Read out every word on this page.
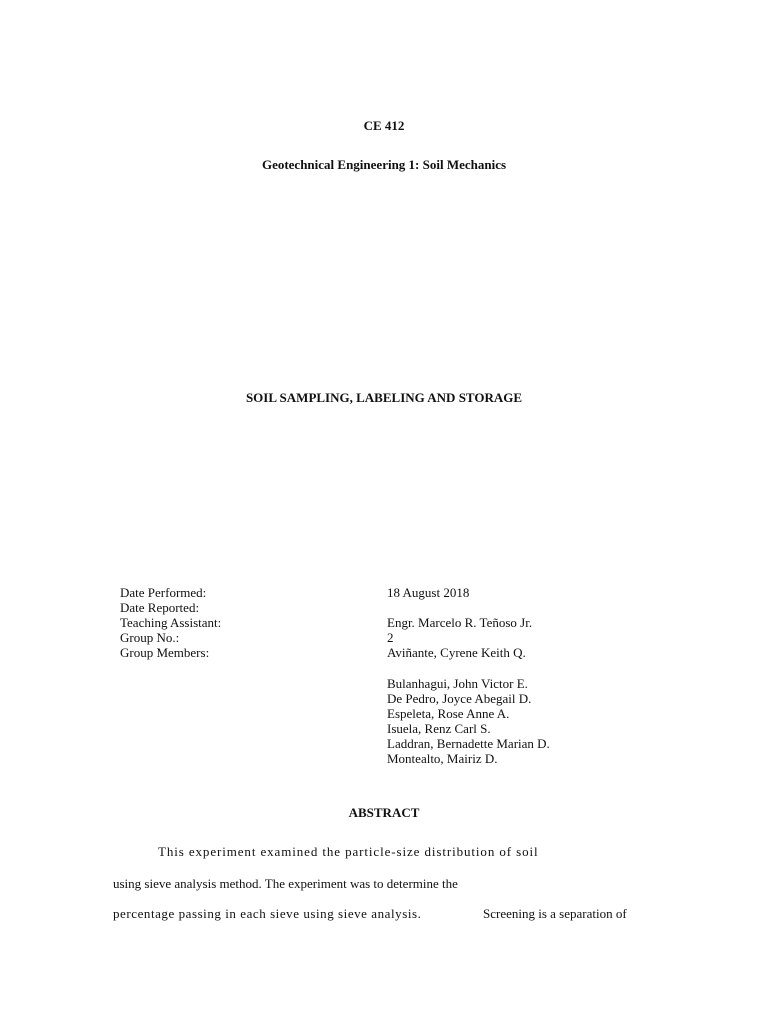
CE 412
Geotechnical Engineering 1: Soil Mechanics
SOIL SAMPLING, LABELING AND STORAGE
Date Performed:	18 August 2018
Date Reported:
Teaching Assistant:	Engr. Marcelo R. Teñoso Jr.
Group No.:	2
Group Members:	Aviñante, Cyrene Keith Q.
Bulanhagui, John Victor E.
De Pedro, Joyce Abegail D.
Espeleta, Rose Anne A.
Isuela, Renz Carl S.
Laddran, Bernadette Marian D.
Montealto, Mairiz D.
ABSTRACT
This experiment examined the particle-size distribution of soil
using sieve analysis method. The experiment was to determine the
percentage passing in each sieve using sieve analysis.	Screening is a separation of
